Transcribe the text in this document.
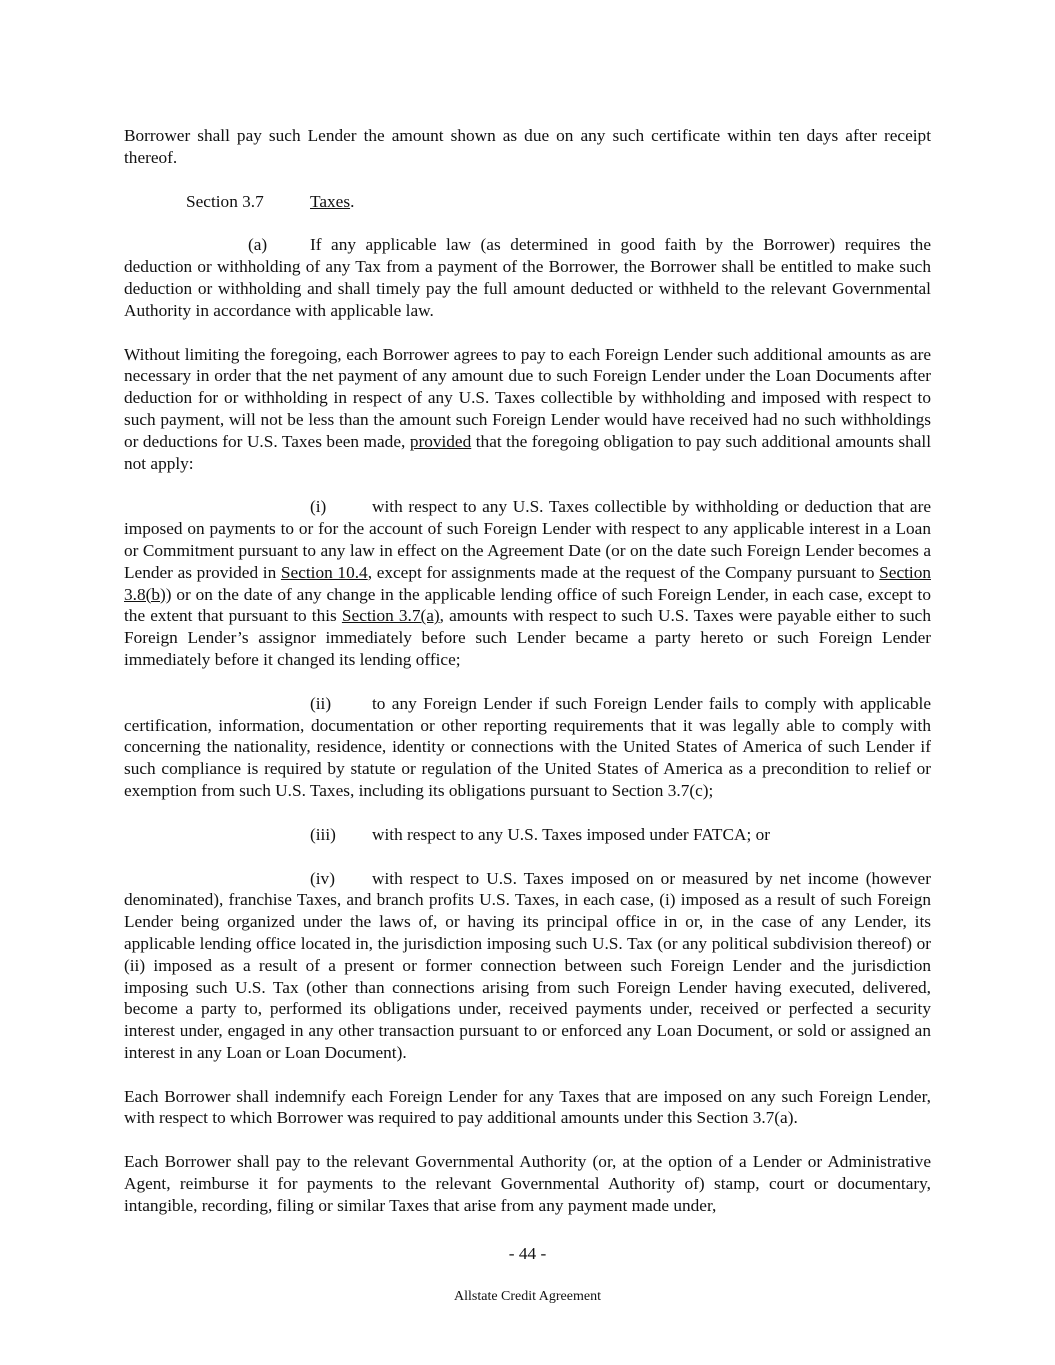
Borrower shall pay such Lender the amount shown as due on any such certificate within ten days after receipt thereof.

Section 3.7	Taxes.

(a) If any applicable law (as determined in good faith by the Borrower) requires the deduction or withholding of any Tax from a payment of the Borrower, the Borrower shall be entitled to make such deduction or withholding and shall timely pay the full amount deducted or withheld to the relevant Governmental Authority in accordance with applicable law.

Without limiting the foregoing, each Borrower agrees to pay to each Foreign Lender such additional amounts as are necessary in order that the net payment of any amount due to such Foreign Lender under the Loan Documents after deduction for or withholding in respect of any U.S. Taxes collectible by withholding and imposed with respect to such payment, will not be less than the amount such Foreign Lender would have received had no such withholdings or deductions for U.S. Taxes been made, provided that the foregoing obligation to pay such additional amounts shall not apply:

(i)	with respect to any U.S. Taxes collectible by withholding or deduction that are imposed on payments to or for the account of such Foreign Lender with respect to any applicable interest in a Loan or Commitment pursuant to any law in effect on the Agreement Date (or on the date such Foreign Lender becomes a Lender as provided in Section 10.4, except for assignments made at the request of the Company pursuant to Section 3.8(b)) or on the date of any change in the applicable lending office of such Foreign Lender, in each case, except to the extent that pursuant to this Section 3.7(a), amounts with respect to such U.S. Taxes were payable either to such Foreign Lender’s assignor immediately before such Lender became a party hereto or such Foreign Lender immediately before it changed its lending office;

(ii) to any Foreign Lender if such Foreign Lender fails to comply with applicable certification, information, documentation or other reporting requirements that it was legally able to comply with concerning the nationality, residence, identity or connections with the United States of America of such Lender if such compliance is required by statute or regulation of the United States of America as a precondition to relief or exemption from such U.S. Taxes, including its obligations pursuant to Section 3.7(c);

(iii) with respect to any U.S. Taxes imposed under FATCA; or

(iv) with respect to U.S. Taxes imposed on or measured by net income (however denominated), franchise Taxes, and branch profits U.S. Taxes, in each case, (i) imposed as a result of such Foreign Lender being organized under the laws of, or having its principal office in or, in the case of any Lender, its applicable lending office located in, the jurisdiction imposing such U.S. Tax (or any political subdivision thereof) or (ii) imposed as a result of a present or former connection between such Foreign Lender and the jurisdiction imposing such U.S. Tax (other than connections arising from such Foreign Lender having executed, delivered, become a party to, performed its obligations under, received payments under, received or perfected a security interest under, engaged in any other transaction pursuant to or enforced any Loan Document, or sold or assigned an interest in any Loan or Loan Document).

Each Borrower shall indemnify each Foreign Lender for any Taxes that are imposed on any such Foreign Lender, with respect to which Borrower was required to pay additional amounts under this Section 3.7(a).

Each Borrower shall pay to the relevant Governmental Authority (or, at the option of a Lender or Administrative Agent, reimburse it for payments to the relevant Governmental Authority of) stamp, court or documentary, intangible, recording, filing or similar Taxes that arise from any payment made under,

- 44 -
Allstate Credit Agreement
